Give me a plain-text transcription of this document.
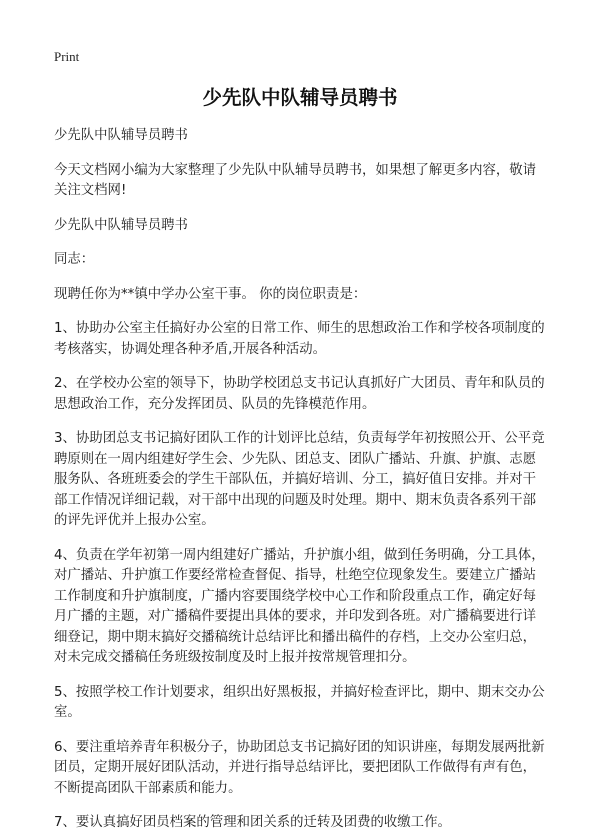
Print
少先队中队辅导员聘书

少先队中队辅导员聘书

今天文档网小编为大家整理了少先队中队辅导员聘书，如果想了解更多内容，敬请关注文档网!

少先队中队辅导员聘书

同志：

现聘任你为**镇中学办公室干事。 你的岗位职责是：

1、协助办公室主任搞好办公室的日常工作、师生的思想政治工作和学校各项制度的考核落实，协调处理各种矛盾,开展各种活动。

2、在学校办公室的领导下，协助学校团总支书记认真抓好广大团员、青年和队员的思想政治工作，充分发挥团员、队员的先锋模范作用。

3、协助团总支书记搞好团队工作的计划评比总结，负责每学年初按照公开、公平竞聘原则在一周内组建好学生会、少先队、团总支、团队广播站、升旗、护旗、志愿服务队、各班班委会的学生干部队伍，并搞好培训、分工，搞好值日安排。并对干部工作情况详细记载，对干部中出现的问题及时处理。期中、期末负责各系列干部的评先评优并上报办公室。

4、负责在学年初第一周内组建好广播站，升护旗小组，做到任务明确，分工具体，对广播站、升护旗工作要经常检查督促、指导，杜绝空位现象发生。要建立广播站工作制度和升护旗制度，广播内容要围绕学校中心工作和阶段重点工作，确定好每月广播的主题，对广播稿件要提出具体的要求，并印发到各班。对广播稿要进行详细登记，期中期末搞好交播稿统计总结评比和播出稿件的存档，上交办公室归总，对未完成交播稿任务班级按制度及时上报并按常规管理扣分。

5、按照学校工作计划要求，组织出好黑板报，并搞好检查评比，期中、期末交办公室。

6、要注重培养青年积极分子，协助团总支书记搞好团的知识讲座，每期发展两批新团员，定期开展好团队活动，并进行指导总结评比，要把团队工作做得有声有色，不断提高团队干部素质和能力。

7、要认真搞好团员档案的管理和团关系的迁转及团费的收缴工作。
